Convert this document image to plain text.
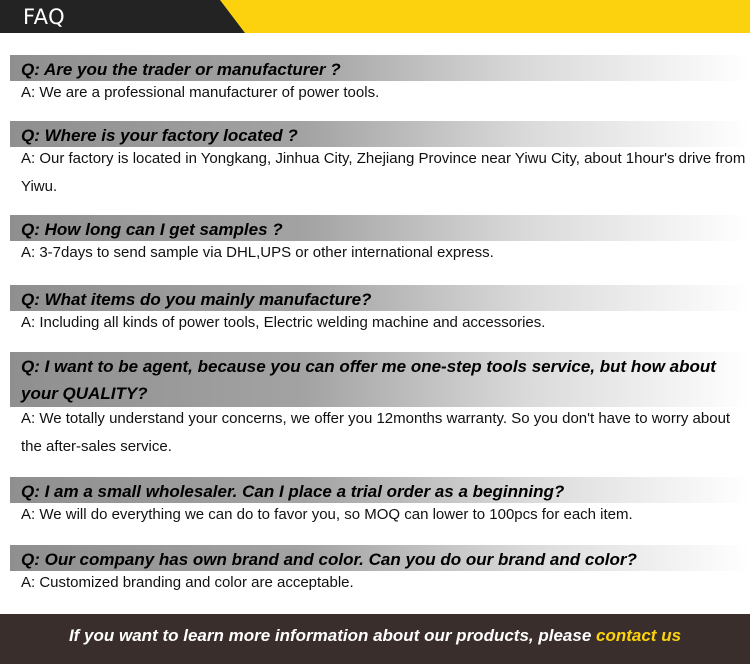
FAQ
Q: Are you the trader or manufacturer ?
A: We are a professional manufacturer of power tools.
Q: Where is your factory located ?
A: Our factory is located in Yongkang, Jinhua City, Zhejiang Province near Yiwu City, about 1hour's drive from Yiwu.
Q: How long can I get samples ?
A: 3-7days to send sample via DHL,UPS or other international express.
Q: What items do you mainly manufacture?
A: Including all kinds of power tools, Electric welding machine and accessories.
Q: I want to be agent, because you can offer me one-step tools service, but how about your QUALITY?
A: We totally understand your concerns, we offer you 12months warranty. So you don't have to worry about the after-sales service.
Q: I am a small wholesaler. Can I place a trial order as a beginning?
A: We will do everything we can do to favor you, so MOQ can lower to 100pcs for each item.
Q: Our company has own brand and color. Can you do our brand and color?
A: Customized branding and color are acceptable.
If you want to learn more information about our products, please contact us
